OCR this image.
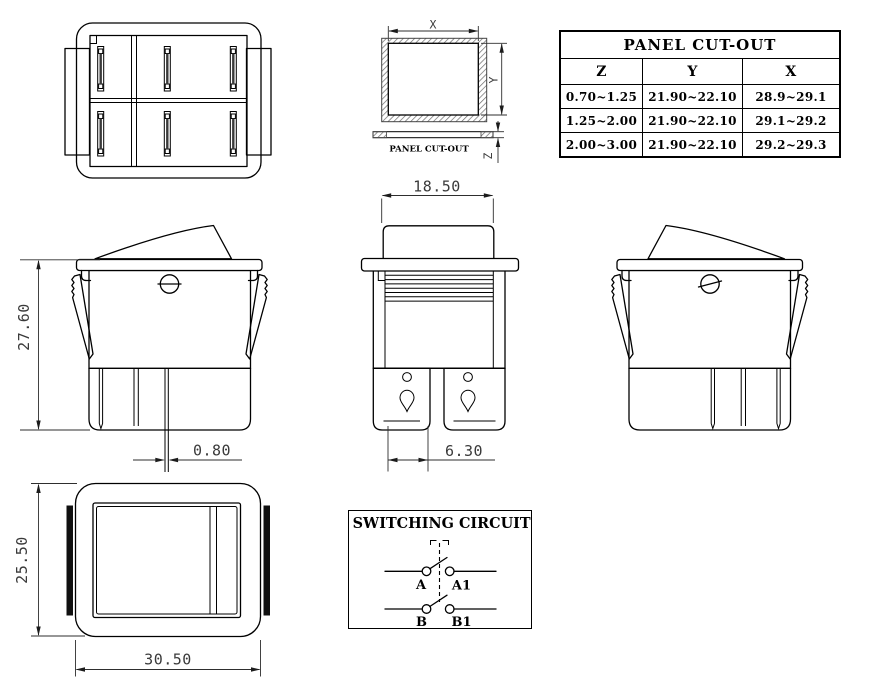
X
Y
PANEL CUT-OUT
Z
PANEL CUT-OUT
Z	Y	X
0.70~1.25 21.90~22.10	28.9~29.1
1.25~2.00 21.90~22.10	29.1~29.2
2.00~3.00 21.90~22.10	29.2~29.3
27.60
0.80
18.50
6.30
25.50
30.50
SWITCHING CIRCUIT
A A1
B B1
